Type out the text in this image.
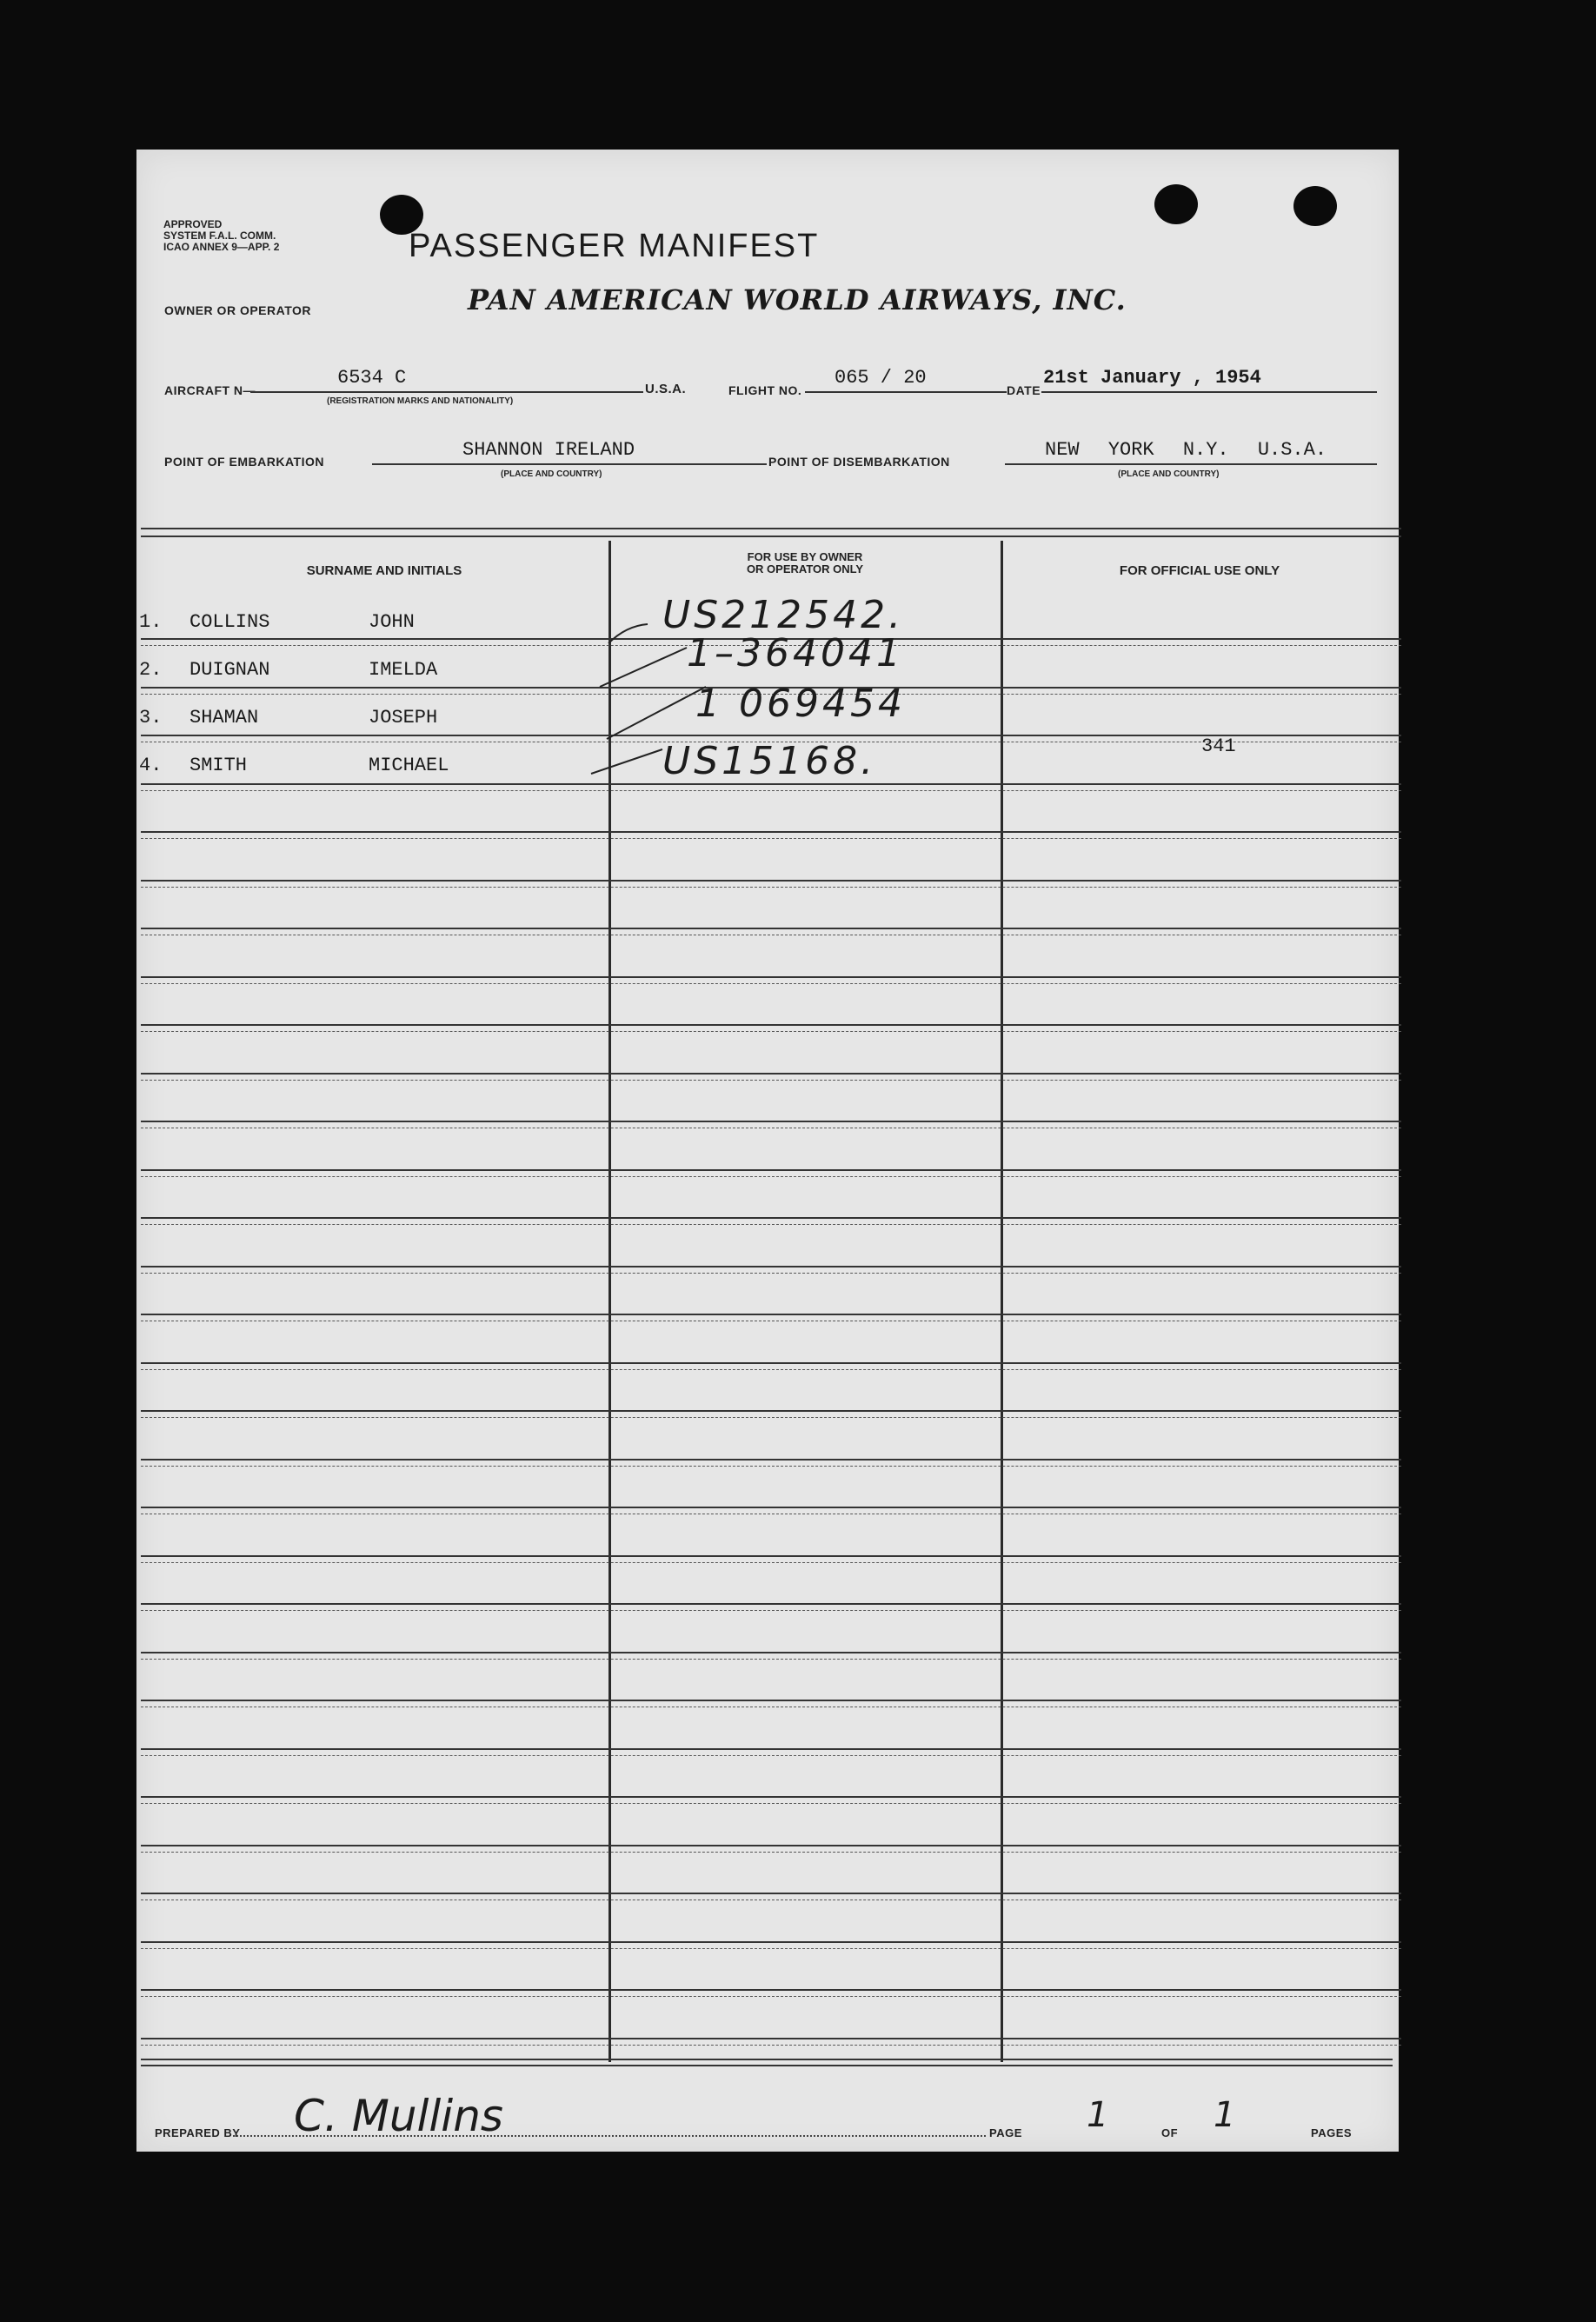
APPROVED
SYSTEM F.A.L. COMM.
ICAO ANNEX 9—APP. 2	PASSENGER MANIFEST
OWNER OR OPERATOR	PAN AMERICAN WORLD AIRWAYS, INC.
AIRCRAFT N—
6534 C
(REGISTRATION MARKS AND NATIONALITY)
U.S.A.	FLIGHT NO.
065 / 20
DATE
21st January , 1954
POINT OF EMBARKATION
SHANNON IRELAND
(PLACE AND COUNTRY)
POINT OF DISEMBARKATION
NEW YORK N.Y. U.S.A.
(PLACE AND COUNTRY)
SURNAME AND INITIALS
FOR USE BY OWNER
OR OPERATOR ONLY	FOR OFFICIAL USE ONLY
1. COLLINS	JOHN	US212542.
2. DUIGNAN	IMELDA	1–364041
3. SHAMAN	JOSEPH	1 069454
4. SMITH	MICHAEL	US15168.	341
PREPARED BY C. Mullins	PAGE 1	OF 1	PAGES
